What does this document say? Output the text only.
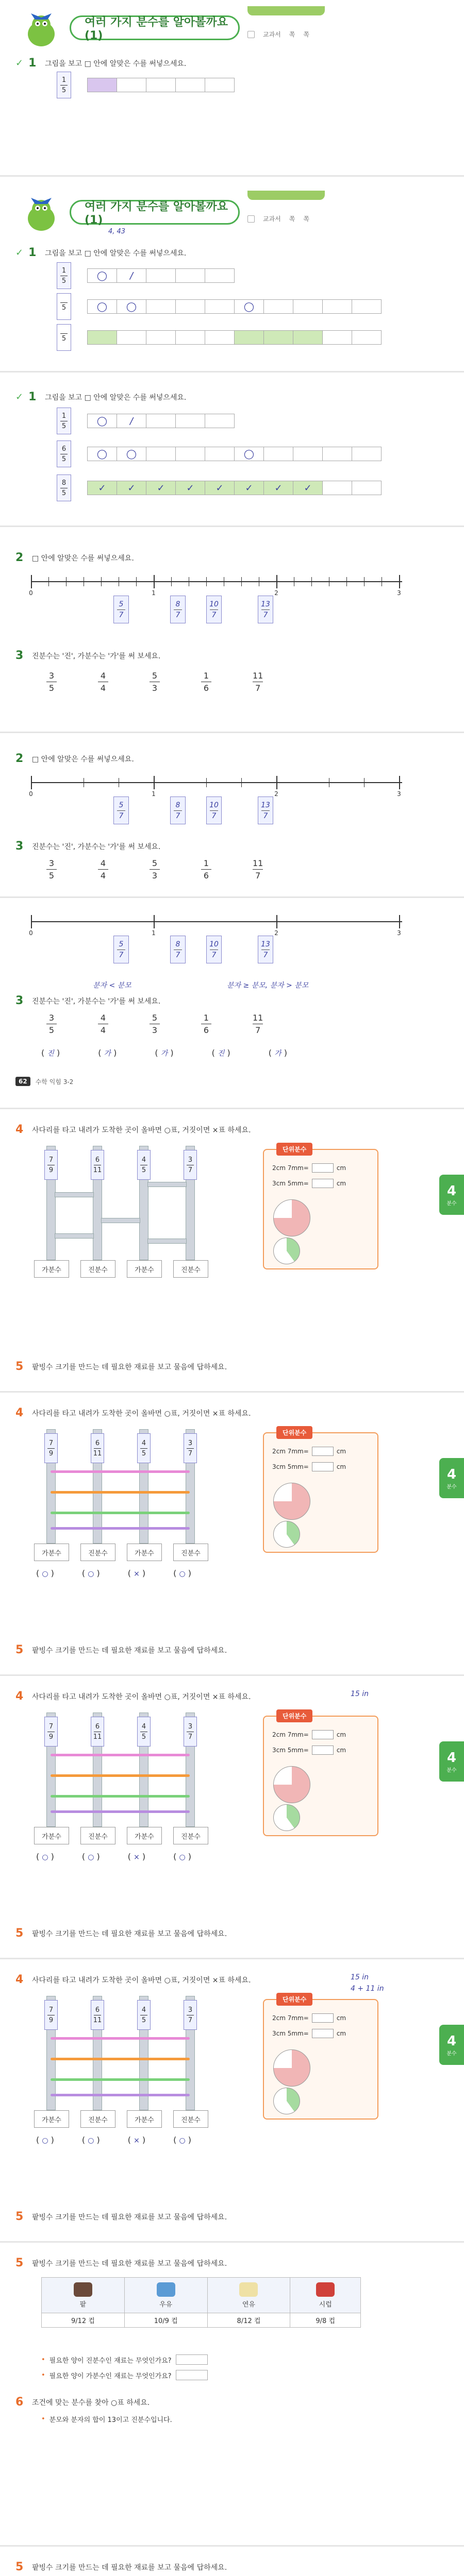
여러 가지 분수를 알아볼까요(1)	교과서 쪽 쪽
✓ 1	그림을 보고 □ 안에 알맞은 수를 써넣으세요.
$\frac{1}{5}$
여러 가지 분수를 알아볼까요(1)	교과서 쪽 쪽
4, 43
✓ 1	그림을 보고 □ 안에 알맞은 수를 써넣으세요.
$\frac{1}{5}$	◯	/
5	◯	◯	◯
5
✓ 1	그림을 보고 □ 안에 알맞은 수를 써넣으세요.
$\frac{1}{5}$	◯	/
$\frac{6}{5}$	◯	◯	◯
$\frac{8}{5}$	✓	✓	✓	✓	✓	✓	✓	✓
2	□ 안에 알맞은 수를 써넣으세요.
0	1	2	3
5
7
8
7
10
7
13
7
3	진분수는 '진', 가분수는 '가'를 써 보세요.
$\frac{3}{5}$	$\frac{4}{4}$	$\frac{5}{3}$	$\frac{1}{6}$	$\frac{11}{7}$
2	□ 안에 알맞은 수를 써넣으세요.
0	1	2	3
5
7
8
7
10
7
13
7
3	진분수는 '진', 가분수는 '가'를 써 보세요.
$\frac{3}{5}$	$\frac{4}{4}$	$\frac{5}{3}$	$\frac{1}{6}$	$\frac{11}{7}$
0	1	2	3
5
7
8
7
10
7
13
7
분자 < 분모	분자 ≥ 분모, 분자 > 분모
3	진분수는 '진', 가분수는 '가'를 써 보세요.
$\frac{3}{5}$	$\frac{4}{4}$	$\frac{5}{3}$	$\frac{1}{6}$	$\frac{11}{7}$
( 진 )	( 가 )	( 가 )	( 진 )	( 가 )
62	수학 익힘 3-2
4	사다리를 타고 내려가 도착한 곳이 올바면 ○표, 거짓이면 ×표 하세요.
7
9
6
11
4
5
3
7
가분수	진분수	가분수	진분수
단위분수
2cm 7mm=	cm
3cm 5mm=	cm	4
분수
5	팥빙수 크기를 만드는 데 필요한 재료를 보고 물음에 답하세요.
4	사다리를 타고 내려가 도착한 곳이 올바면 ○표, 거짓이면 ×표 하세요.
7
9
6
11
4
5
3
7
가분수	진분수	가분수	진분수
( ○ )	( ○ )	( × )	( ○ )
단위분수
2cm 7mm=	cm
3cm 5mm=	cm	4
분수
5	팥빙수 크기를 만드는 데 필요한 재료를 보고 물음에 답하세요.
4	사다리를 타고 내려가 도착한 곳이 올바면 ○표, 거짓이면 ×표 하세요.	15 in
7
9
6
11
4
5
3
7
가분수	진분수	가분수	진분수
( ○ )	( ○ )	( × )	( ○ )
단위분수
2cm 7mm=	cm
3cm 5mm=	cm	4
분수
5	팥빙수 크기를 만드는 데 필요한 재료를 보고 물음에 답하세요.
4	사다리를 타고 내려가 도착한 곳이 올바면 ○표, 거짓이면 ×표 하세요.	15 in
4 + 11 in
7
9
6
11
4
5
3
7
가분수	진분수	가분수	진분수
( ○ )	( ○ )	( × )	( ○ )
단위분수
2cm 7mm=	cm
3cm 5mm=	cm	4
분수
5	팥빙수 크기를 만드는 데 필요한 재료를 보고 물음에 답하세요.
5	팥빙수 크기를 만드는 데 필요한 재료를 보고 물음에 답하세요.

팥	우유	연유	시럽
9/12 컵	10/9 컵	8/12 컵	9/8 컵
• 필요한 양이 진분수인 재료는 무엇인가요?
• 필요한 양이 가분수인 재료는 무엇인가요?
6	조건에 맞는 분수를 찾아 ○표 하세요.
• 분모와 분자의 합이 13이고 진분수입니다.
5	팥빙수 크기를 만드는 데 필요한 재료를 보고 물음에 답하세요.
